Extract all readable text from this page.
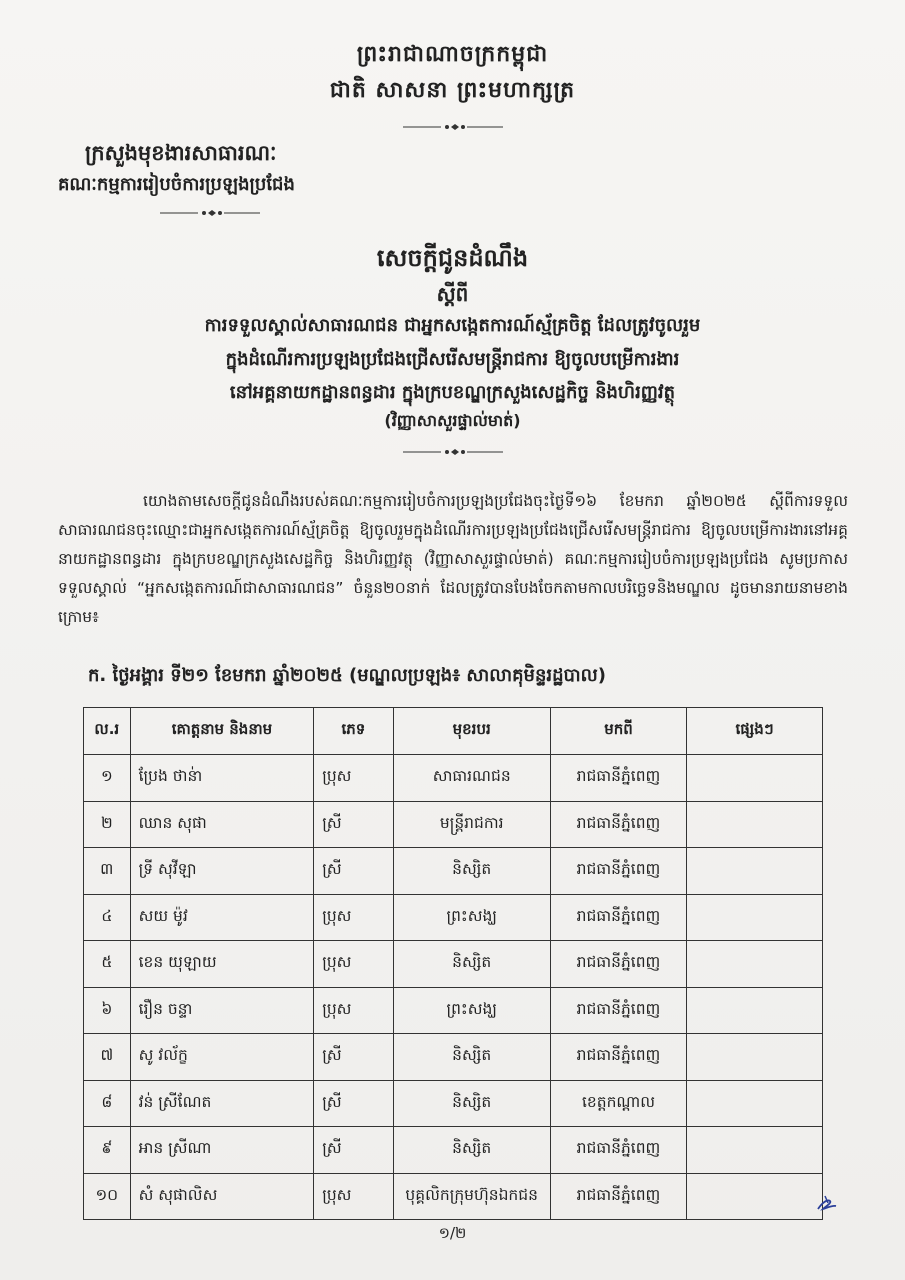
ព្រះរាជាណាចក្រកម្ពុជា
ជាតិ សាសនា ព្រះមហាក្សត្រ
ក្រសួងមុខងារសាធារណៈ
គណៈកម្មការរៀបចំការប្រឡងប្រជែង
សេចក្តីជូនដំណឹង
ស្តីពី
ការទទួលស្គាល់សាធារណជន ជាអ្នកសង្កេតការណ៍ស្ម័គ្រចិត្ត ដែលត្រូវចូលរួម
ក្នុងដំណើរការប្រឡងប្រជែងជ្រើសរើសមន្ត្រីរាជការ ឱ្យចូលបម្រើការងារ
នៅអគ្គនាយកដ្ឋានពន្ធដារ ក្នុងក្របខណ្ឌក្រសួងសេដ្ឋកិច្ច និងហិរញ្ញវត្ថុ
(វិញ្ញាសាសួរផ្ទាល់មាត់)
យោងតាមសេចក្តីជូនដំណឹងរបស់គណៈកម្មការរៀបចំការប្រឡងប្រជែងចុះថ្ងៃទី១៦ ខែមករា ឆ្នាំ២០២៥ ស្តីពីការទទួលសាធារណជនចុះឈ្មោះជាអ្នកសង្កេតការណ៍ស្ម័គ្រចិត្ត ឱ្យចូលរួមក្នុងដំណើរការប្រឡងប្រជែងជ្រើសរើសមន្ត្រីរាជការ ឱ្យចូលបម្រើការងារនៅអគ្គនាយកដ្ឋានពន្ធដារ ក្នុងក្របខណ្ឌក្រសួងសេដ្ឋកិច្ច និងហិរញ្ញវត្ថុ (វិញ្ញាសាសួរផ្ទាល់មាត់) គណៈកម្មការរៀបចំការប្រឡងប្រជែង សូមប្រកាសទទួលស្គាល់ “អ្នកសង្កេតការណ៍ជាសាធារណជន” ចំនួន២០នាក់ ដែលត្រូវបានបែងចែកតាមកាលបរិច្ឆេទនិងមណ្ឌល ដូចមានរាយនាមខាងក្រោម៖
ក. ថ្ងៃអង្គារ ទី២១ ខែមករា ឆ្នាំ២០២៥ (មណ្ឌលប្រឡង៖ សាលាគុមិន្ទរដ្ឋបាល)
ល.រ	គោត្តនាម និងនាម	ភេទ	មុខរបរ	មកពី	ផ្សេងៗ
១	ប្រែង ថាន់ា	ប្រុស	សាធារណជន	រាជធានីភ្នំពេញ	
២	ឈាន សុផា	ស្រី	មន្ត្រីរាជការ	រាជធានីភ្នំពេញ	
៣	ទ្រី សុវីឡា	ស្រី	និស្សិត	រាជធានីភ្នំពេញ	
៤	សយ ម៉ូវ	ប្រុស	ព្រះសង្ឃ	រាជធានីភ្នំពេញ	
៥	ខេន យុឡាយ	ប្រុស	និស្សិត	រាជធានីភ្នំពេញ	
៦	រឿន ចន្ទា	ប្រុស	ព្រះសង្ឃ	រាជធានីភ្នំពេញ	
៧	សូ វល័ក្ខ	ស្រី	និស្សិត	រាជធានីភ្នំពេញ	
៨	វន់ ស្រីណែត	ស្រី	និស្សិត	ខេត្តកណ្តាល	
៩	អាន ស្រីណា	ស្រី	និស្សិត	រាជធានីភ្នំពេញ	
១០	សំ សុផាលិស	ប្រុស	បុគ្គលិកក្រុមហ៊ុនឯកជន	រាជធានីភ្នំពេញ	
១/២
